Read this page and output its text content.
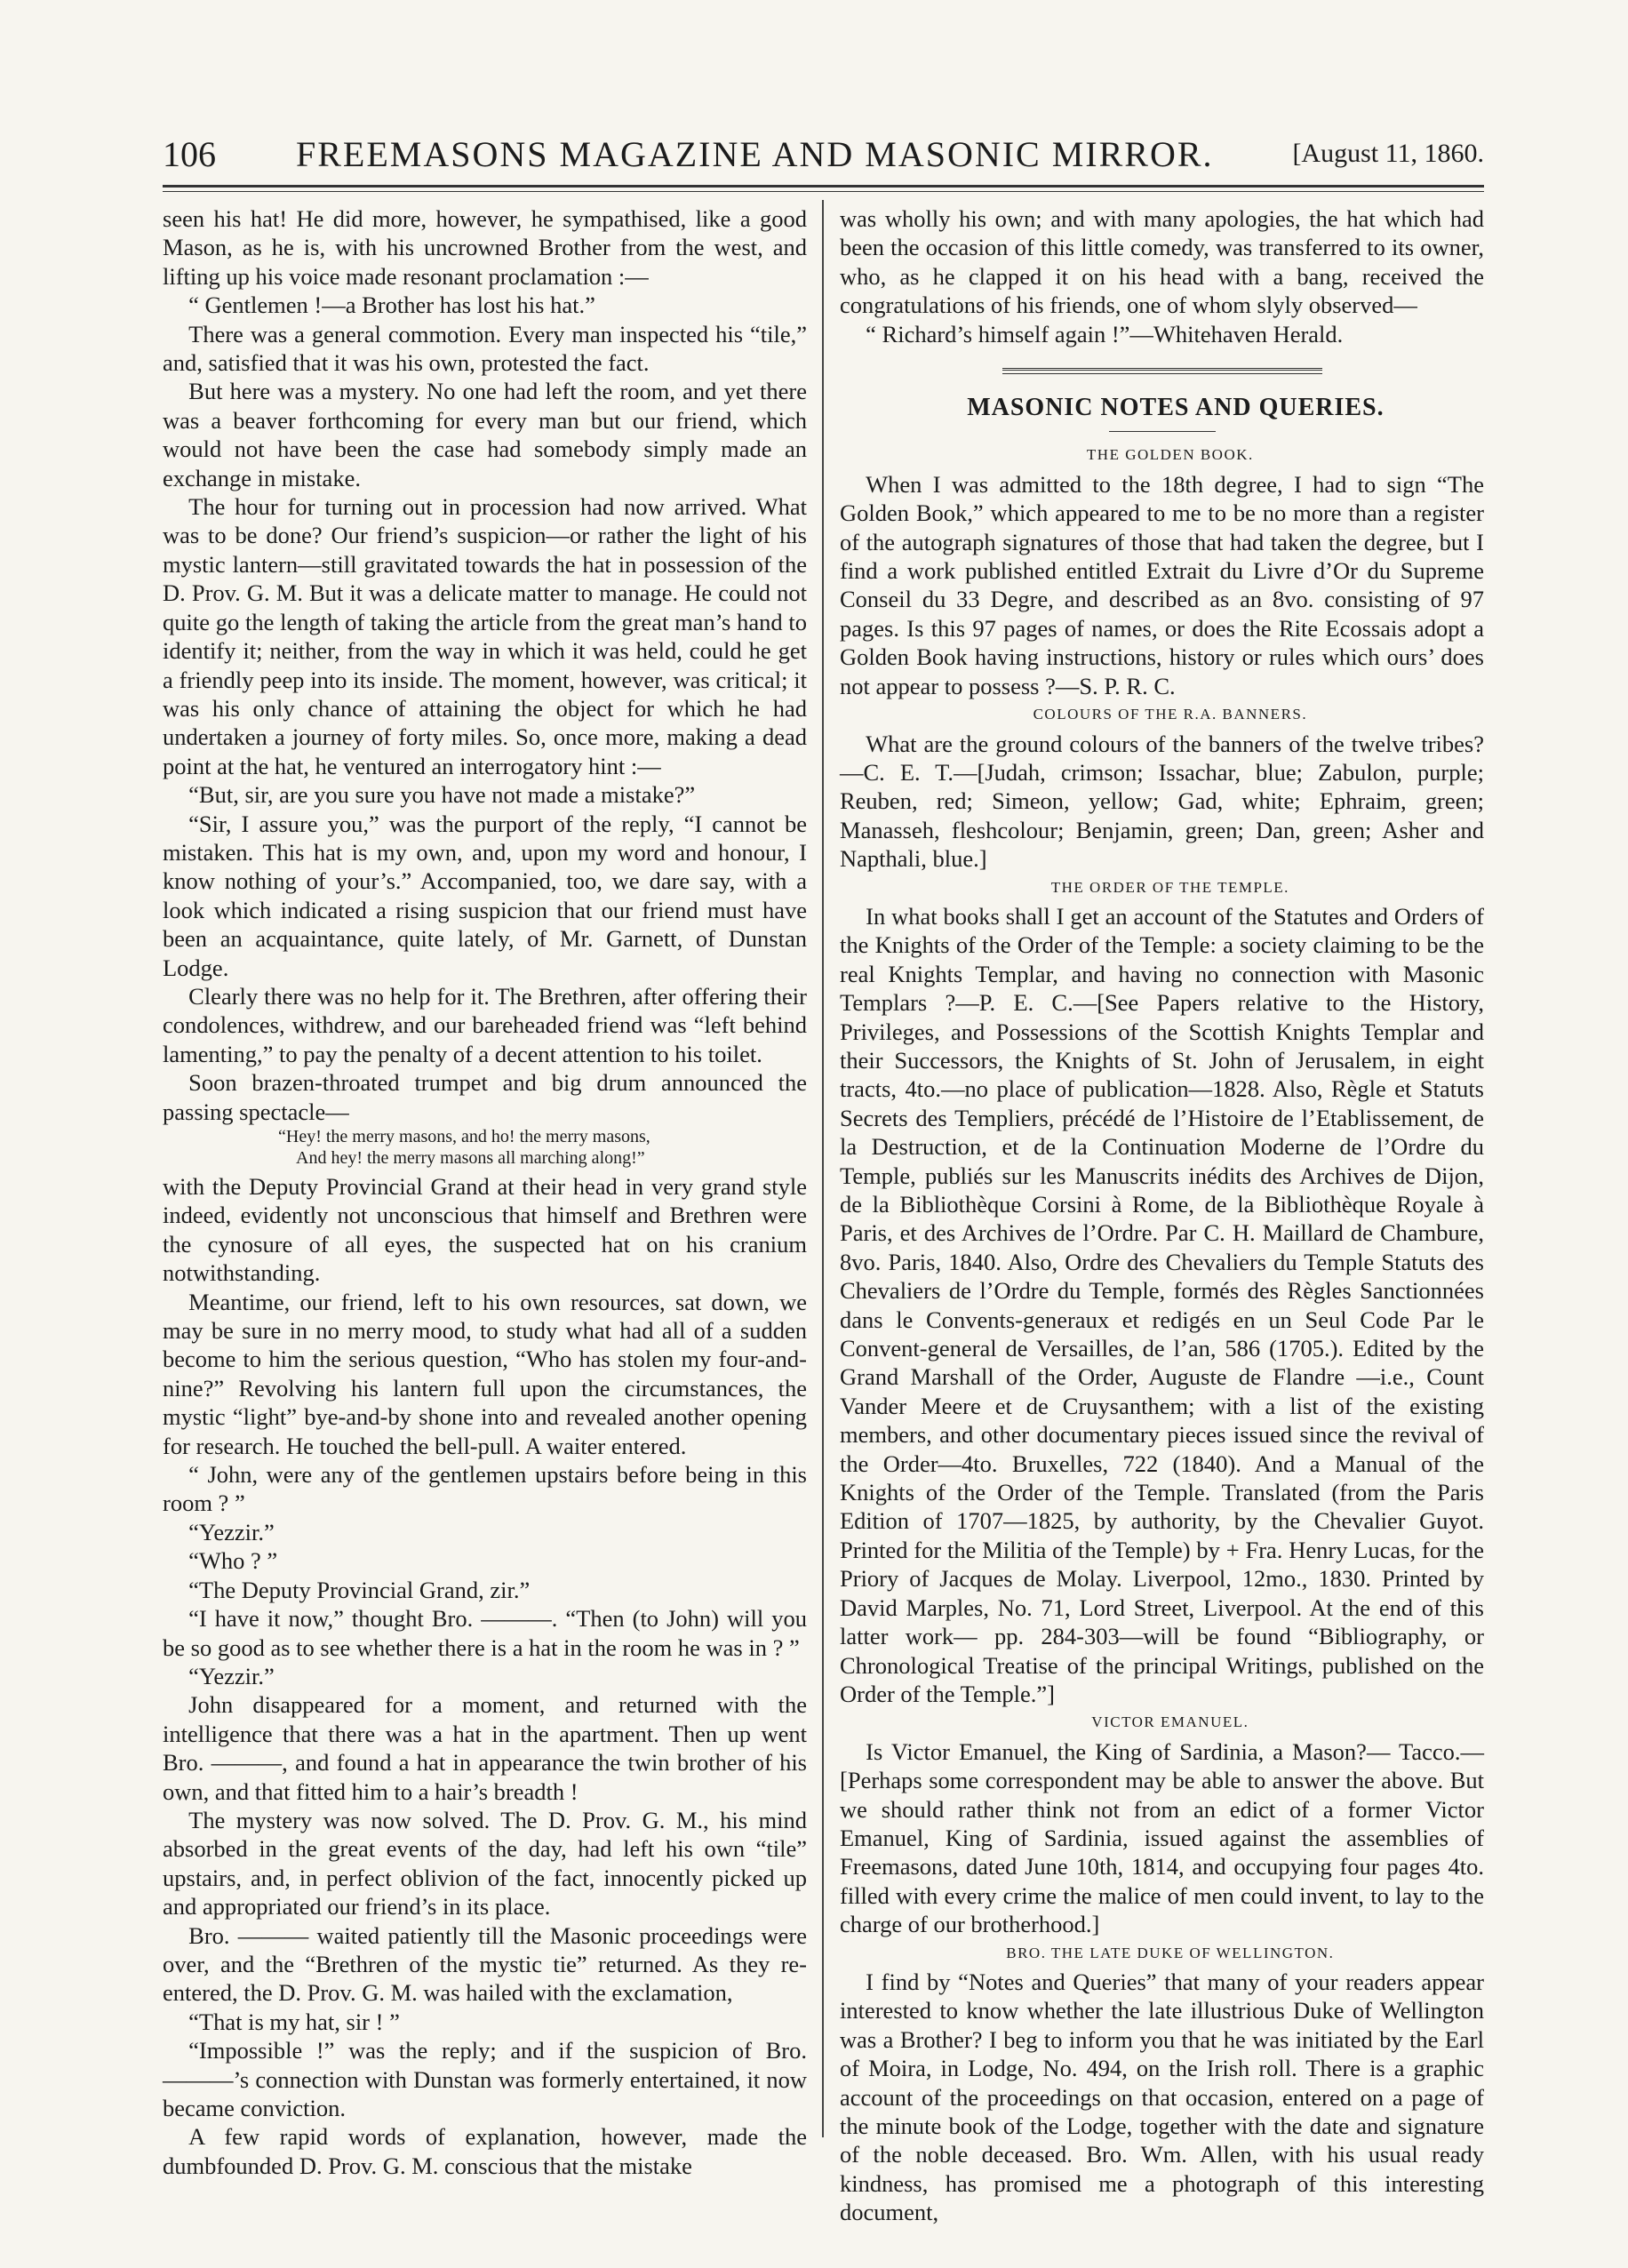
106 FREEMASONS MAGAZINE AND MASONIC MIRROR.	[August 11, 1860.

seen his hat! He did more, however, he sympathised, like a good Mason, as he is, with his uncrowned Brother from the west, and lifting up his voice made resonant proclamation :—

“ Gentlemen !—a Brother has lost his hat.”

There was a general commotion. Every man inspected his “tile,” and, satisfied that it was his own, protested the fact.

But here was a mystery. No one had left the room, and yet there was a beaver forthcoming for every man but our friend, which would not have been the case had somebody simply made an exchange in mistake.

The hour for turning out in procession had now arrived. What was to be done? Our friend’s suspicion—or rather the light of his mystic lantern—still gravitated towards the hat in possession of the D. Prov. G. M. But it was a delicate matter to manage. He could not quite go the length of taking the article from the great man’s hand to identify it; neither, from the way in which it was held, could he get a friendly peep into its inside. The moment, however, was critical; it was his only chance of attaining the object for which he had undertaken a journey of forty miles. So, once more, making a dead point at the hat, he ventured an interrogatory hint :—

“But, sir, are you sure you have not made a mistake?”

“Sir, I assure you,” was the purport of the reply, “I cannot be mistaken. This hat is my own, and, upon my word and honour, I know nothing of your’s.” Accompanied, too, we dare say, with a look which indicated a rising suspicion that our friend must have been an acquaintance, quite lately, of Mr. Garnett, of Dunstan Lodge.

Clearly there was no help for it. The Brethren, after offering their condolences, withdrew, and our bareheaded friend was “left behind lamenting,” to pay the penalty of a decent attention to his toilet.

Soon brazen-throated trumpet and big drum announced the passing spectacle—

“Hey! the merry masons, and ho! the merry masons,

And hey! the merry masons all marching along!”

with the Deputy Provincial Grand at their head in very grand style indeed, evidently not unconscious that himself and Brethren were the cynosure of all eyes, the suspected hat on his cranium notwithstanding.

Meantime, our friend, left to his own resources, sat down, we may be sure in no merry mood, to study what had all of a sudden become to him the serious question, “Who has stolen my four-and-nine?” Revolving his lantern full upon the circumstances, the mystic “light” bye-and-by shone into and revealed another opening for research. He touched the bell-pull. A waiter entered.

“ John, were any of the gentlemen upstairs before being in this room ? ”

“Yezzir.”

“Who ? ”

“The Deputy Provincial Grand, zir.”

“I have it now,” thought Bro. ———. “Then (to John) will you be so good as to see whether there is a hat in the room he was in ? ”

“Yezzir.”

John disappeared for a moment, and returned with the intelligence that there was a hat in the apartment. Then up went Bro. ———, and found a hat in appearance the twin brother of his own, and that fitted him to a hair’s breadth !

The mystery was now solved. The D. Prov. G. M., his mind absorbed in the great events of the day, had left his own “tile” upstairs, and, in perfect oblivion of the fact, innocently picked up and appropriated our friend’s in its place.

Bro. ——— waited patiently till the Masonic proceedings were over, and the “Brethren of the mystic tie” returned. As they re-entered, the D. Prov. G. M. was hailed with the exclamation,

“That is my hat, sir ! ”

“Impossible !” was the reply; and if the suspicion of Bro. ———’s connection with Dunstan was formerly entertained, it now became conviction.

A few rapid words of explanation, however, made the dumbfounded D. Prov. G. M. conscious that the mistake

was wholly his own; and with many apologies, the hat which had been the occasion of this little comedy, was transferred to its owner, who, as he clapped it on his head with a bang, received the congratulations of his friends, one of whom slyly observed—

“ Richard’s himself again !”—Whitehaven Herald.

MASONIC NOTES AND QUERIES.

THE GOLDEN BOOK.

When I was admitted to the 18th degree, I had to sign “The Golden Book,” which appeared to me to be no more than a register of the autograph signatures of those that had taken the degree, but I find a work published entitled Extrait du Livre d’Or du Supreme Conseil du 33 Degre, and described as an 8vo. consisting of 97 pages. Is this 97 pages of names, or does the Rite Ecossais adopt a Golden Book having instructions, history or rules which ours’ does not appear to possess ?—S. P. R. C.

COLOURS OF THE R.A. BANNERS.

What are the ground colours of the banners of the twelve tribes? —C. E. T.—[Judah, crimson; Issachar, blue; Zabulon, purple; Reuben, red; Simeon, yellow; Gad, white; Ephraim, green; Manasseh, fleshcolour; Benjamin, green; Dan, green; Asher and Napthali, blue.]

THE ORDER OF THE TEMPLE.

In what books shall I get an account of the Statutes and Orders of the Knights of the Order of the Temple: a society claiming to be the real Knights Templar, and having no connection with Masonic Templars ?—P. E. C.—[See Papers relative to the History, Privileges, and Possessions of the Scottish Knights Templar and their Successors, the Knights of St. John of Jerusalem, in eight tracts, 4to.—no place of publication—1828. Also, Règle et Statuts Secrets des Templiers, précédé de l’Histoire de l’Etablissement, de la Destruction, et de la Continuation Moderne de l’Ordre du Temple, publiés sur les Manuscrits inédits des Archives de Dijon, de la Bibliothèque Corsini à Rome, de la Bibliothèque Royale à Paris, et des Archives de l’Ordre. Par C. H. Maillard de Chambure, 8vo. Paris, 1840. Also, Ordre des Chevaliers du Temple Statuts des Chevaliers de l’Ordre du Temple, formés des Règles Sanctionnées dans le Convents-generaux et redigés en un Seul Code Par le Convent-general de Versailles, de l’an, 586 (1705.). Edited by the Grand Marshall of the Order, Auguste de Flandre —i.e., Count Vander Meere et de Cruysanthem; with a list of the existing members, and other documentary pieces issued since the revival of the Order—4to. Bruxelles, 722 (1840). And a Manual of the Knights of the Order of the Temple. Translated (from the Paris Edition of 1707—1825, by authority, by the Chevalier Guyot. Printed for the Militia of the Temple) by + Fra. Henry Lucas, for the Priory of Jacques de Molay. Liverpool, 12mo., 1830. Printed by David Marples, No. 71, Lord Street, Liverpool. At the end of this latter work— pp. 284-303—will be found “Bibliography, or Chronological Treatise of the principal Writings, published on the Order of the Temple.”]

VICTOR EMANUEL.

Is Victor Emanuel, the King of Sardinia, a Mason?— Tacco.—[Perhaps some correspondent may be able to answer the above. But we should rather think not from an edict of a former Victor Emanuel, King of Sardinia, issued against the assemblies of Freemasons, dated June 10th, 1814, and occupying four pages 4to. filled with every crime the malice of men could invent, to lay to the charge of our brotherhood.]

BRO. THE LATE DUKE OF WELLINGTON.

I find by “Notes and Queries” that many of your readers appear interested to know whether the late illustrious Duke of Wellington was a Brother? I beg to inform you that he was initiated by the Earl of Moira, in Lodge, No. 494, on the Irish roll. There is a graphic account of the proceedings on that occasion, entered on a page of the minute book of the Lodge, together with the date and signature of the noble deceased. Bro. Wm. Allen, with his usual ready kindness, has promised me a photograph of this interesting document,
